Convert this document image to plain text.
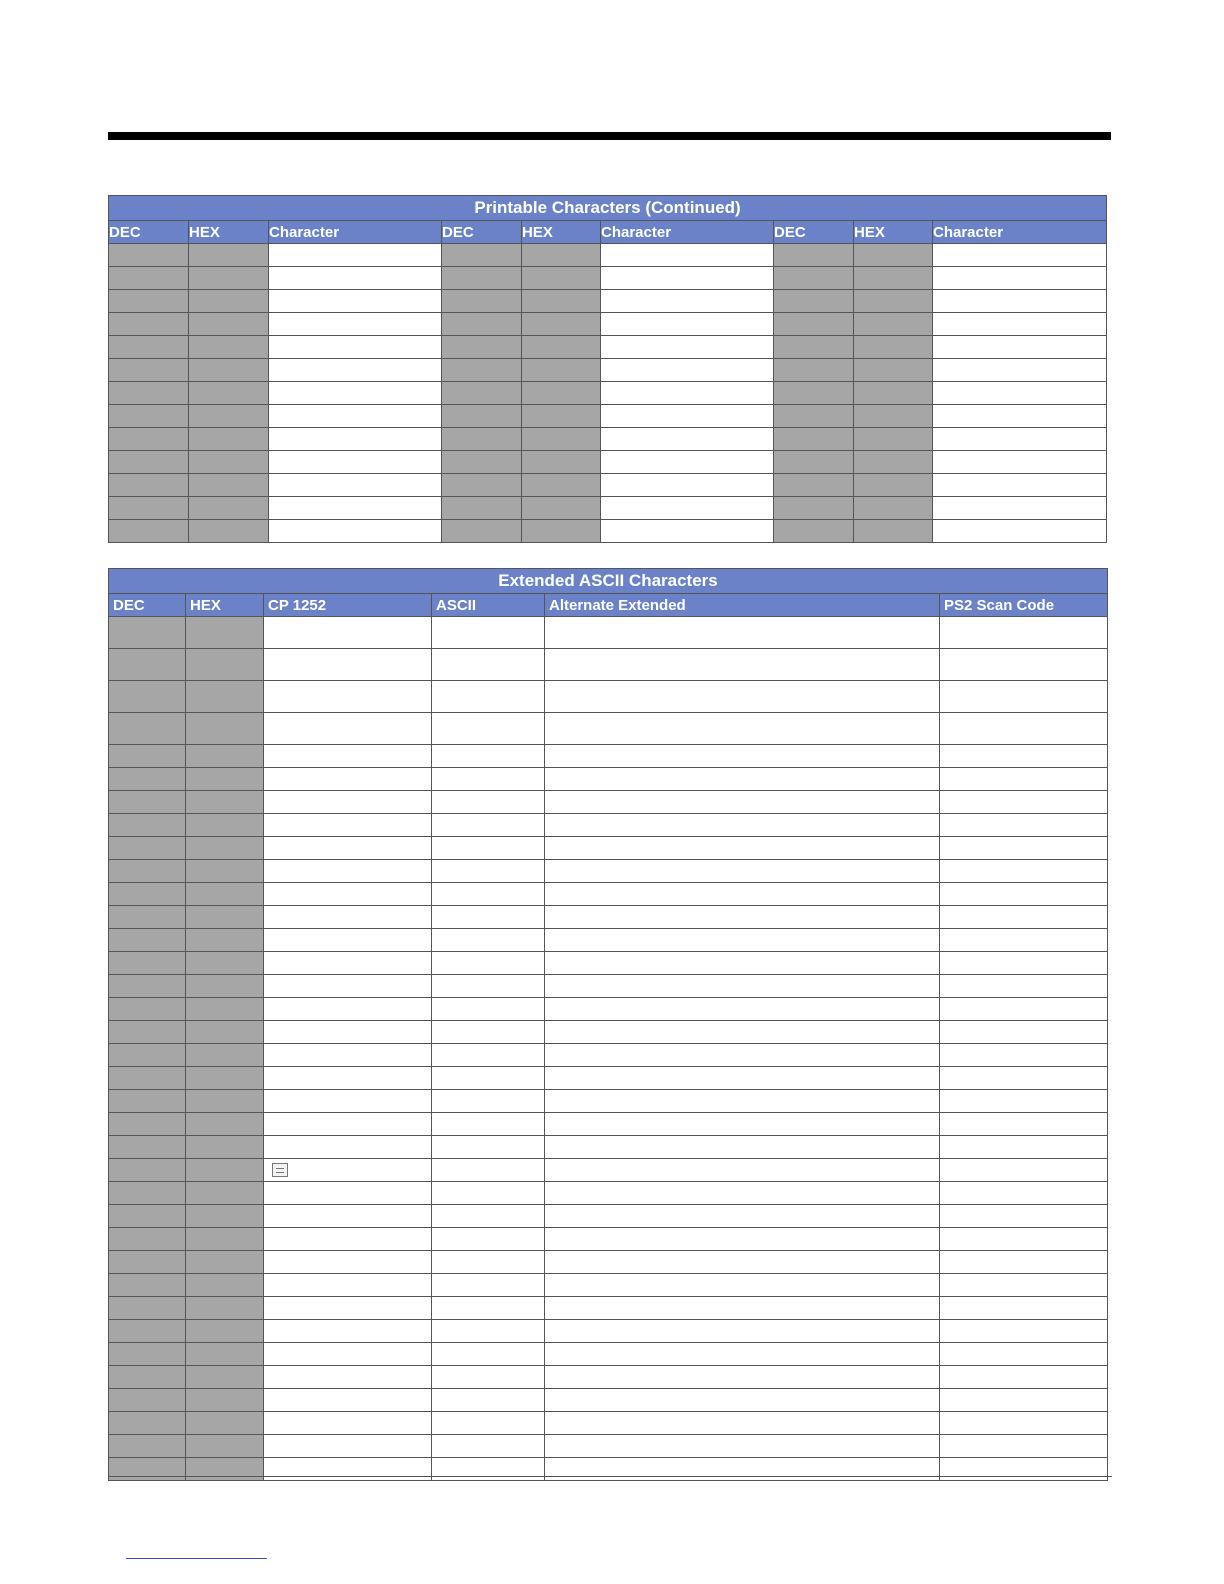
Printable Characters (Continued)								
DEC	HEX	Character	DEC	HEX	Character	DEC	HEX	Character

Extended ASCII Characters					
DEC	HEX	CP 1252	ASCII	Alternate Extended	PS2 Scan Code
